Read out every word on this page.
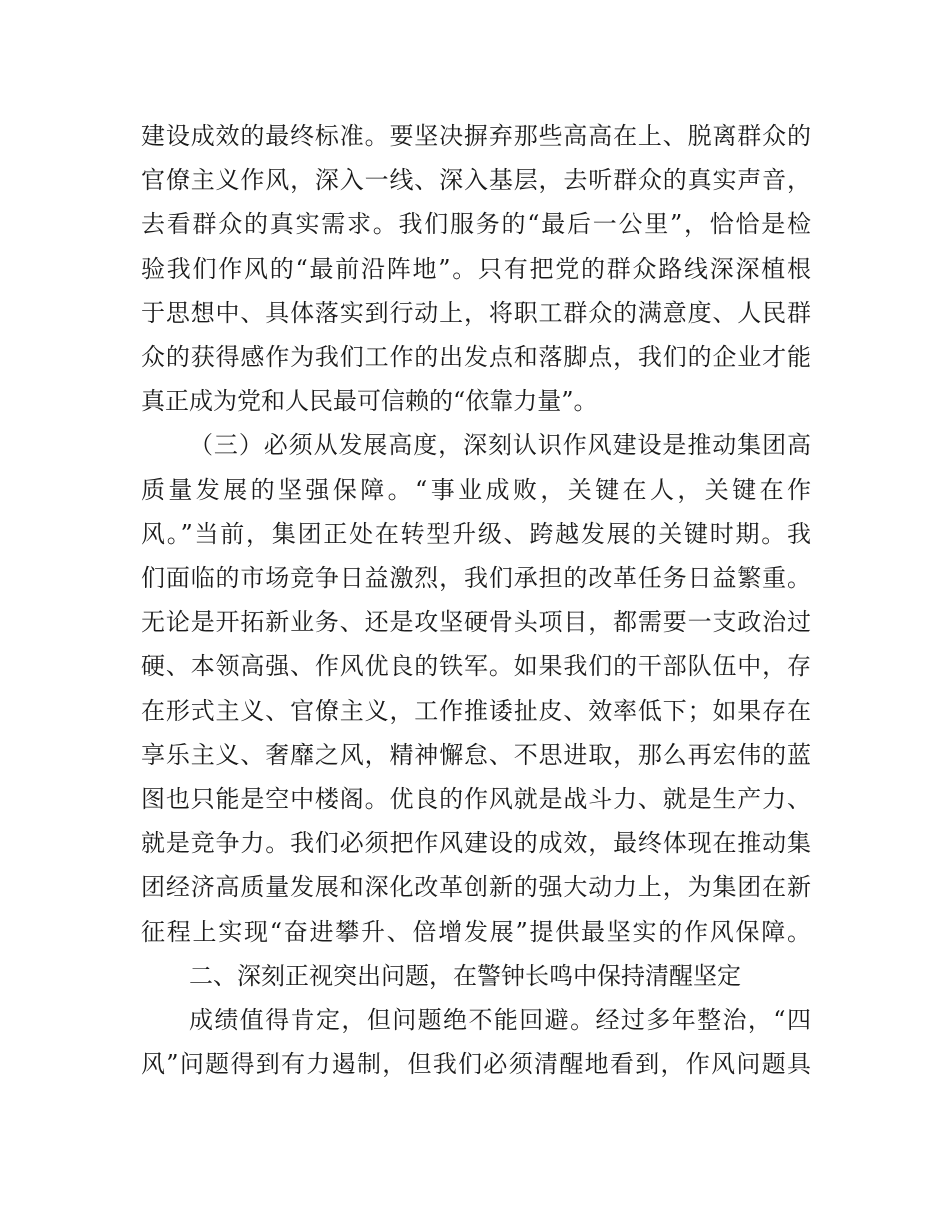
建设成效的最终标准。要坚决摒弃那些高高在上、脱离群众的
官僚主义作风，深入一线、深入基层，去听群众的真实声音，
去看群众的真实需求。我们服务的“最后一公里”，恰恰是检
验我们作风的“最前沿阵地”。只有把党的群众路线深深植根
于思想中、具体落实到行动上，将职工群众的满意度、人民群
众的获得感作为我们工作的出发点和落脚点，我们的企业才能
真正成为党和人民最可信赖的“依靠力量”。
（三）必须从发展高度，深刻认识作风建设是推动集团高
质量发展的坚强保障。“事业成败，关键在人，关键在作
风。”当前，集团正处在转型升级、跨越发展的关键时期。我
们面临的市场竞争日益激烈，我们承担的改革任务日益繁重。
无论是开拓新业务、还是攻坚硬骨头项目，都需要一支政治过
硬、本领高强、作风优良的铁军。如果我们的干部队伍中，存
在形式主义、官僚主义，工作推诿扯皮、效率低下；如果存在
享乐主义、奢靡之风，精神懈怠、不思进取，那么再宏伟的蓝
图也只能是空中楼阁。优良的作风就是战斗力、就是生产力、
就是竞争力。我们必须把作风建设的成效，最终体现在推动集
团经济高质量发展和深化改革创新的强大动力上，为集团在新
征程上实现“奋进攀升、倍增发展”提供最坚实的作风保障。
二、深刻正视突出问题，在警钟长鸣中保持清醒坚定
成绩值得肯定，但问题绝不能回避。经过多年整治，“四
风”问题得到有力遏制，但我们必须清醒地看到，作风问题具
